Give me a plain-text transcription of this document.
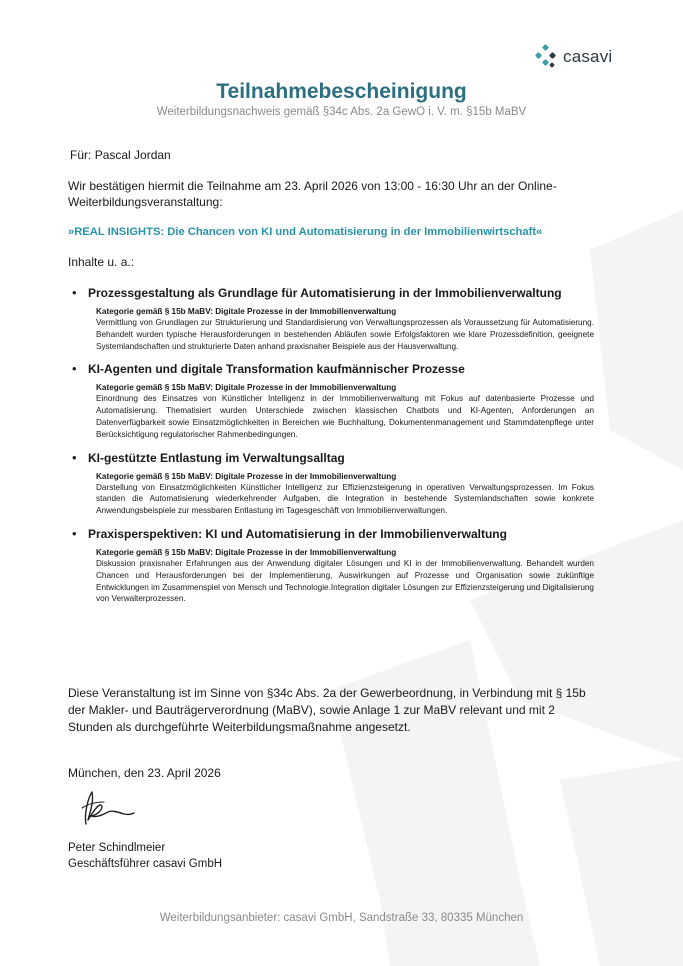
casavi
Teilnahmebescheinigung
Weiterbildungsnachweis gemäß §34c Abs. 2a GewO i. V. m. §15b MaBV
Für: Pascal Jordan
Wir bestätigen hiermit die Teilnahme am 23. April 2026 von 13:00 - 16:30 Uhr an der Online-Weiterbildungsveranstaltung:
»REAL INSIGHTS: Die Chancen von KI und Automatisierung in der Immobilienwirtschaft«
Inhalte u. a.:
• Prozessgestaltung als Grundlage für Automatisierung in der Immobilienverwaltung
Kategorie gemäß § 15b MaBV: Digitale Prozesse in der Immobilienverwaltung
Vermittlung von Grundlagen zur Strukturierung und Standardisierung von Verwaltungsprozessen als Voraussetzung für Automatisierung. Behandelt wurden typische Herausforderungen in bestehenden Abläufen sowie Erfolgsfaktoren wie klare Prozessdefinition, geeignete Systemlandschaften und strukturierte Daten anhand praxisnaher Beispiele aus der Hausverwaltung.
• KI-Agenten und digitale Transformation kaufmännischer Prozesse
Kategorie gemäß § 15b MaBV: Digitale Prozesse in der Immobilienverwaltung
Einordnung des Einsatzes von Künstlicher Intelligenz in der Immobilienverwaltung mit Fokus auf datenbasierte Prozesse und Automatisierung. Thematisiert wurden Unterschiede zwischen klassischen Chatbots und KI-Agenten, Anforderungen an Datenverfügbarkeit sowie Einsatzmöglichkeiten in Bereichen wie Buchhaltung, Dokumentenmanagement und Stammdatenpflege unter Berücksichtigung regulatorischer Rahmenbedingungen.
• KI-gestützte Entlastung im Verwaltungsalltag
Kategorie gemäß § 15b MaBV: Digitale Prozesse in der Immobilienverwaltung
Darstellung von Einsatzmöglichkeiten Künstlicher Intelligenz zur Effizienzsteigerung in operativen Verwaltungsprozessen. Im Fokus standen die Automatisierung wiederkehrender Aufgaben, die Integration in bestehende Systemlandschaften sowie konkrete Anwendungsbeispiele zur messbaren Entlastung im Tagesgeschäft von Immobilienverwaltungen.
• Praxisperspektiven: KI und Automatisierung in der Immobilienverwaltung
Kategorie gemäß § 15b MaBV: Digitale Prozesse in der Immobilienverwaltung
Diskussion praxisnaher Erfahrungen aus der Anwendung digitaler Lösungen und KI in der Immobilienverwaltung. Behandelt wurden Chancen und Herausforderungen bei der Implementierung, Auswirkungen auf Prozesse und Organisation sowie zukünftige Entwicklungen im Zusammenspiel von Mensch und Technologie.Integration digitaler Lösungen zur Effizienzsteigerung und Digitalisierung von Verwalterprozessen.
Diese Veranstaltung ist im Sinne von §34c Abs. 2a der Gewerbeordnung, in Verbindung mit § 15b der Makler- und Bauträgerverordnung (MaBV), sowie Anlage 1 zur MaBV relevant und mit 2 Stunden als durchgeführte Weiterbildungsmaßnahme angesetzt.
München, den 23. April 2026
Peter Schindlmeier
Geschäftsführer casavi GmbH
Weiterbildungsanbieter: casavi GmbH, Sandstraße 33, 80335 München
